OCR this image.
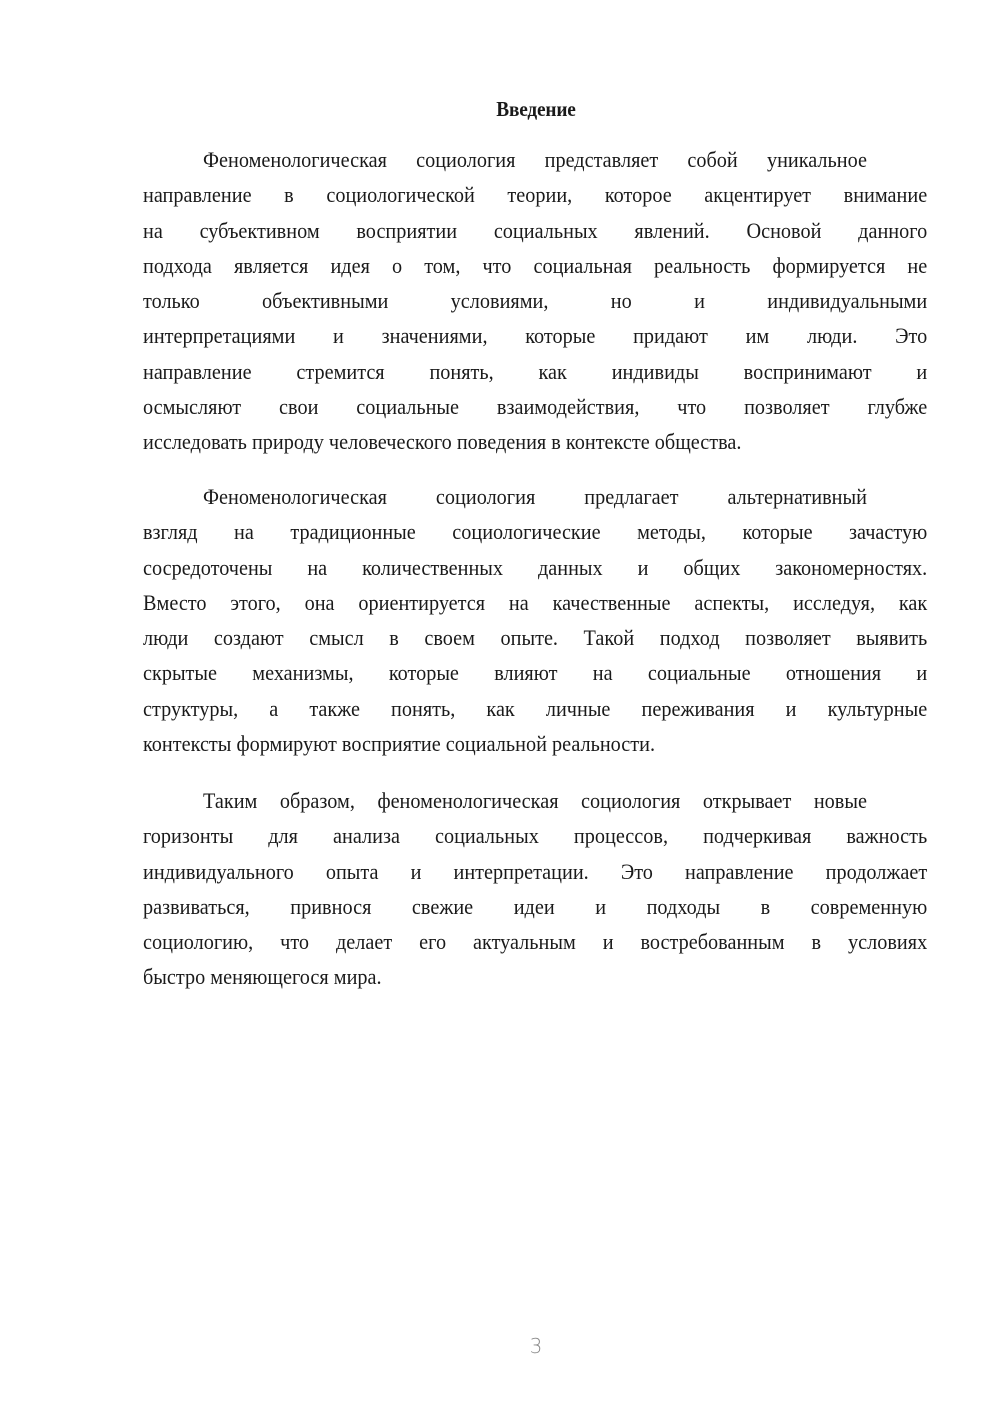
Введение
Феноменологическая социология представляет собой уникальное
направление в социологической теории, которое акцентирует внимание
на субъективном восприятии социальных явлений. Основой данного
подхода является идея о том, что социальная реальность формируется не
только объективными условиями, но и индивидуальными
интерпретациями и значениями, которые придают им люди. Это
направление стремится понять, как индивиды воспринимают и
осмысляют свои социальные взаимодействия, что позволяет глубже
исследовать природу человеческого поведения в контексте общества.
Феноменологическая социология предлагает альтернативный
взгляд на традиционные социологические методы, которые зачастую
сосредоточены на количественных данных и общих закономерностях.
Вместо этого, она ориентируется на качественные аспекты, исследуя, как
люди создают смысл в своем опыте. Такой подход позволяет выявить
скрытые механизмы, которые влияют на социальные отношения и
структуры, а также понять, как личные переживания и культурные
контексты формируют восприятие социальной реальности.
Таким образом, феноменологическая социология открывает новые
горизонты для анализа социальных процессов, подчеркивая важность
индивидуального опыта и интерпретации. Это направление продолжает
развиваться, привнося свежие идеи и подходы в современную
социологию, что делает его актуальным и востребованным в условиях
быстро меняющегося мира.
3
